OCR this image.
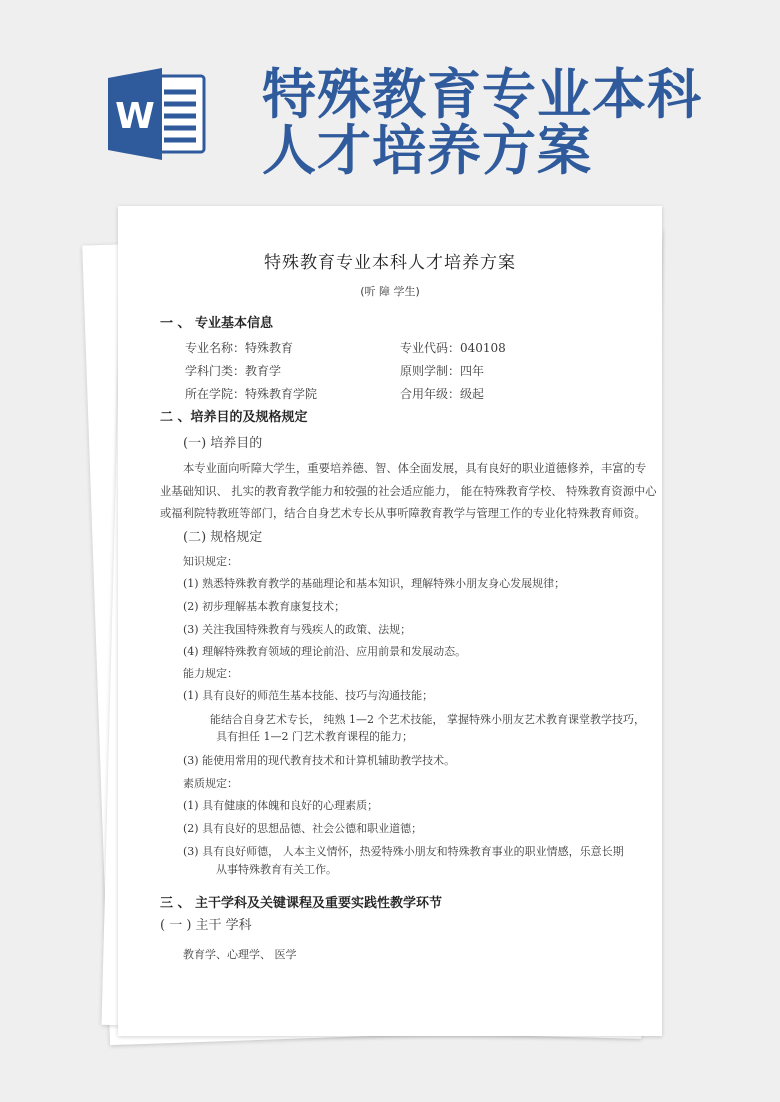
W 特殊教育专业本科
人才培养方案
特殊教育专业本科人才培养方案
(听 障 学生)
一 、 专业基本信息
专业名称：特殊教育	专业代码：040108
学科门类：教育学	原则学制：四年
所在学院：特殊教育学院	合用年级：级起
二 、培养目的及规格规定
(一) 培养目的
本专业面向听障大学生，重要培养德、智、体全面发展，具有良好的职业道德修养，丰富的专
业基础知识、 扎实的教育教学能力和较强的社会适应能力， 能在特殊教育学校、 特殊教育资源中心
或福利院特教班等部门，结合自身艺术专长从事听障教育教学与管理工作的专业化特殊教育师资。
(二) 规格规定
知识规定：
(1) 熟悉特殊教育教学的基础理论和基本知识，理解特殊小朋友身心发展规律；
(2) 初步理解基本教育康复技术；
(3) 关注我国特殊教育与残疾人的政策、法规；
(4) 理解特殊教育领域的理论前沿、应用前景和发展动态。
能力规定：
(1) 具有良好的师范生基本技能、技巧与沟通技能；
能结合自身艺术专长， 纯熟 1—2 个艺术技能， 掌握特殊小朋友艺术教育课堂教学技巧，
具有担任 1—2 门艺术教育课程的能力；
(3) 能使用常用的现代教育技术和计算机辅助教学技术。
素质规定：
(1) 具有健康的体魄和良好的心理素质；
(2) 具有良好的思想品德、社会公德和职业道德；
(3) 具有良好师德， 人本主义情怀，热爱特殊小朋友和特殊教育事业的职业情感，乐意长期
从事特殊教育有关工作。
三 、 主干学科及关键课程及重要实践性教学环节
( 一 ) 主干 学科
教育学、心理学、 医学
